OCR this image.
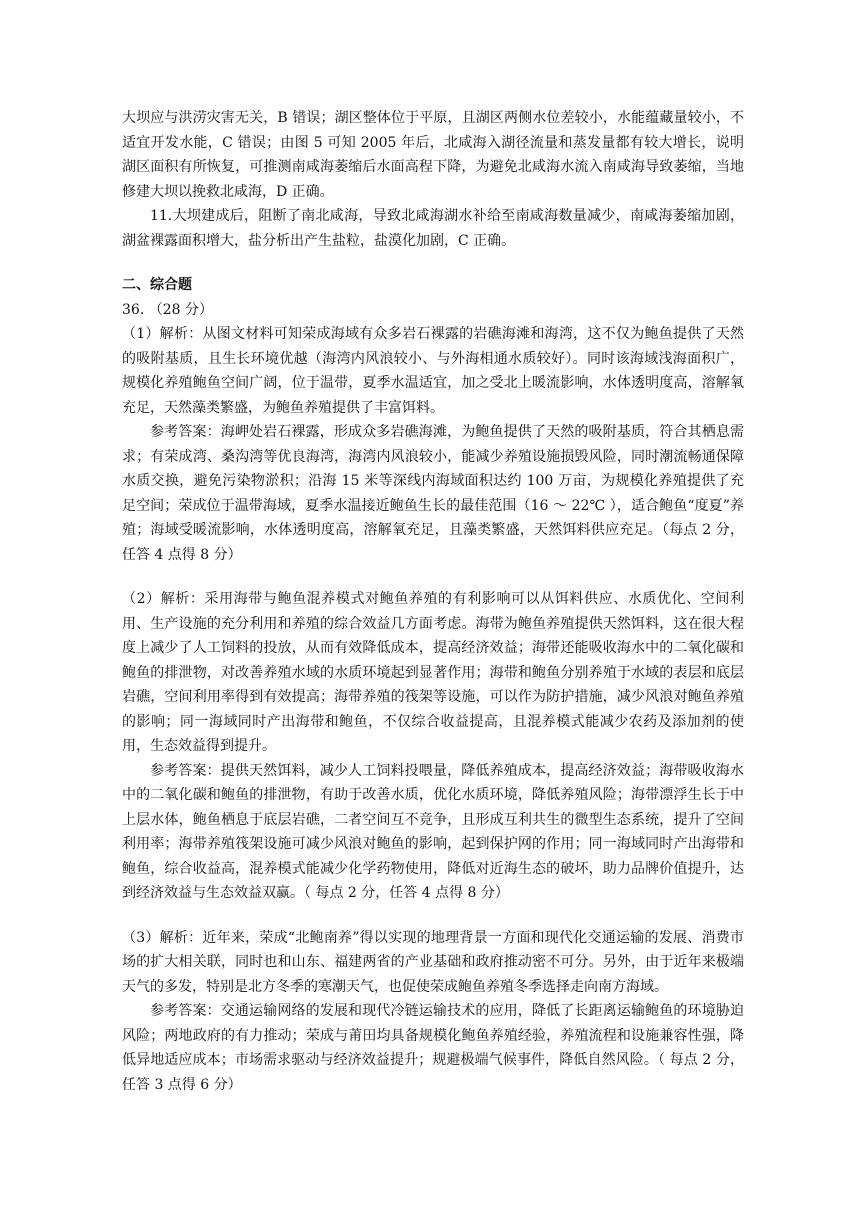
大坝应与洪涝灾害无关，B 错误；湖区整体位于平原，且湖区两侧水位差较小，水能蕴藏量较小，不适宜开发水能，C 错误；由图 5 可知 2005 年后，北咸海入湖径流量和蒸发量都有较大增长，说明湖区面积有所恢复，可推测南咸海萎缩后水面高程下降，为避免北咸海水流入南咸海导致萎缩，当地修建大坝以挽救北咸海，D 正确。

11.大坝建成后，阻断了南北咸海，导致北咸海湖水补给至南咸海数量减少，南咸海萎缩加剧，湖盆裸露面积增大，盐分析出产生盐粒，盐漠化加剧，C 正确。

二、综合题

36. （28 分）

（1）解析：从图文材料可知荣成海域有众多岩石裸露的岩礁海滩和海湾，这不仅为鲍鱼提供了天然的吸附基质，且生长环境优越（海湾内风浪较小、与外海相通水质较好）。同时该海域浅海面积广，规模化养殖鲍鱼空间广阔，位于温带，夏季水温适宜，加之受北上暖流影响，水体透明度高，溶解氧充足，天然藻类繁盛，为鲍鱼养殖提供了丰富饵料。

参考答案：海岬处岩石裸露，形成众多岩礁海滩，为鲍鱼提供了天然的吸附基质，符合其栖息需求；有荣成湾、桑沟湾等优良海湾，海湾内风浪较小，能减少养殖设施损毁风险，同时潮流畅通保障水质交换，避免污染物淤积；沿海 15 米等深线内海域面积达约 100 万亩，为规模化养殖提供了充足空间；荣成位于温带海域，夏季水温接近鲍鱼生长的最佳范围（16 ～ 22℃ ），适合鲍鱼“度夏”养殖；海域受暖流影响，水体透明度高，溶解氧充足，且藻类繁盛，天然饵料供应充足。（每点 2 分，任答 4 点得 8 分）

（2）解析：采用海带与鲍鱼混养模式对鲍鱼养殖的有利影响可以从饵料供应、水质优化、空间利用、生产设施的充分利用和养殖的综合效益几方面考虑。海带为鲍鱼养殖提供天然饵料，这在很大程度上减少了人工饲料的投放，从而有效降低成本，提高经济效益；海带还能吸收海水中的二氧化碳和鲍鱼的排泄物，对改善养殖水域的水质环境起到显著作用；海带和鲍鱼分别养殖于水域的表层和底层岩礁，空间利用率得到有效提高；海带养殖的筏架等设施，可以作为防护措施，减少风浪对鲍鱼养殖的影响；同一海域同时产出海带和鲍鱼，不仅综合收益提高，且混养模式能减少农药及添加剂的使用，生态效益得到提升。

参考答案：提供天然饵料，减少人工饲料投喂量，降低养殖成本，提高经济效益；海带吸收海水中的二氧化碳和鲍鱼的排泄物，有助于改善水质，优化水质环境，降低养殖风险；海带漂浮生长于中上层水体，鲍鱼栖息于底层岩礁，二者空间互不竞争，且形成互利共生的微型生态系统，提升了空间利用率；海带养殖筏架设施可减少风浪对鲍鱼的影响，起到保护网的作用；同一海域同时产出海带和鲍鱼，综合收益高，混养模式能减少化学药物使用，降低对近海生态的破坏，助力品牌价值提升，达到经济效益与生态效益双赢。（ 每点 2 分，任答 4 点得 8 分）

（3）解析：近年来，荣成“北鲍南养”得以实现的地理背景一方面和现代化交通运输的发展、消费市场的扩大相关联，同时也和山东、福建两省的产业基础和政府推动密不可分。另外，由于近年来极端天气的多发，特别是北方冬季的寒潮天气，也促使荣成鲍鱼养殖冬季选择走向南方海域。

参考答案：交通运输网络的发展和现代冷链运输技术的应用，降低了长距离运输鲍鱼的环境胁迫风险；两地政府的有力推动；荣成与莆田均具备规模化鲍鱼养殖经验，养殖流程和设施兼容性强，降低异地适应成本；市场需求驱动与经济效益提升；规避极端气候事件，降低自然风险。（ 每点 2 分，任答 3 点得 6 分）
